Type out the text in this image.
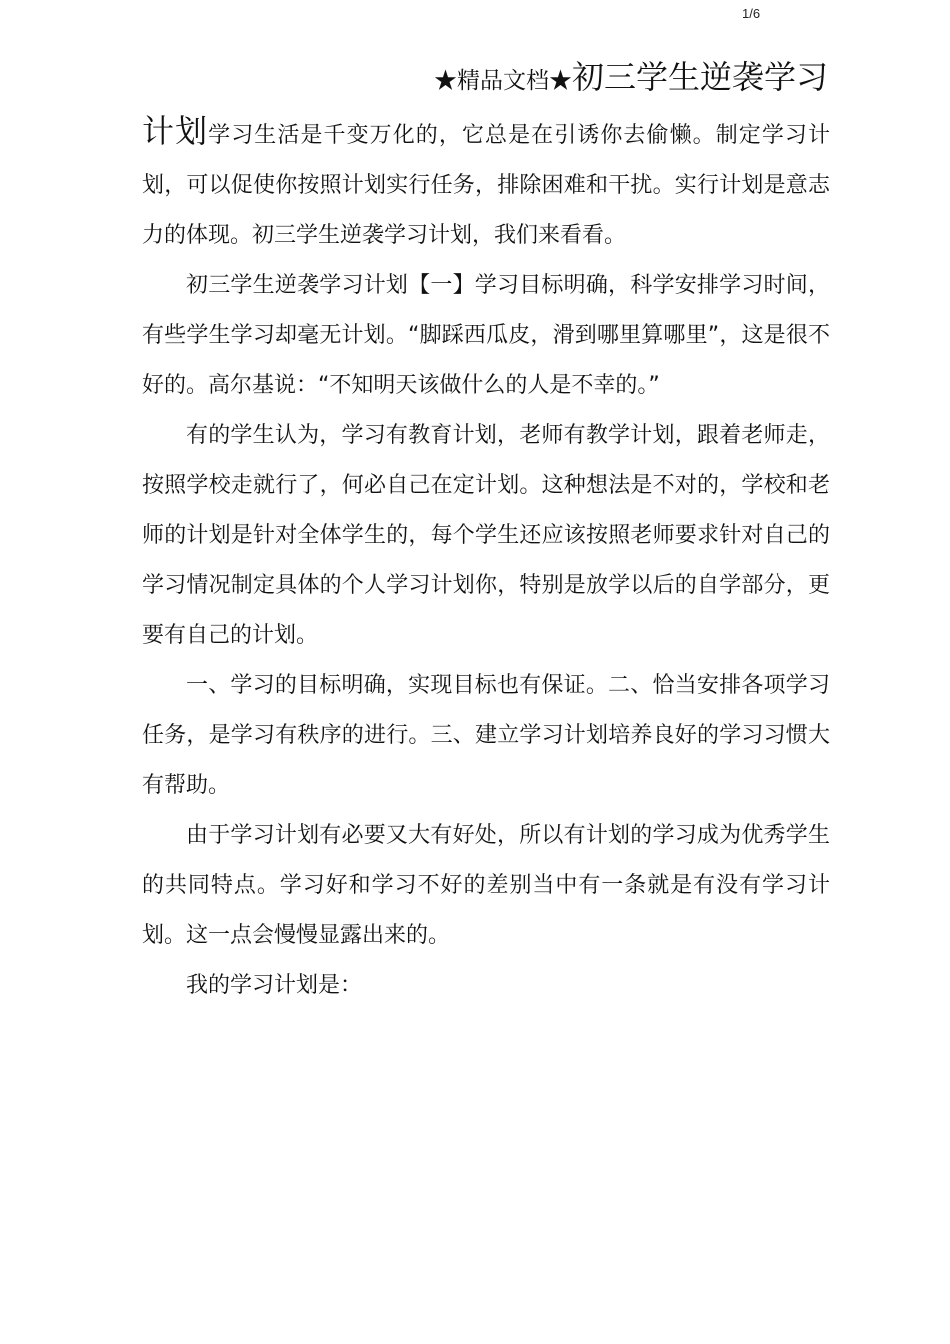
1/6
★精品文档★初三学生逆袭学习

计划学习生活是千变万化的，它总是在引诱你去偷懒。制定学习计划，可以促使你按照计划实行任务，排除困难和干扰。实行计划是意志力的体现。初三学生逆袭学习计划，我们来看看。

初三学生逆袭学习计划【一】学习目标明确，科学安排学习时间，有些学生学习却毫无计划。“脚踩西瓜皮，滑到哪里算哪里”，这是很不好的。高尔基说：“不知明天该做什么的人是不幸的。”

有的学生认为，学习有教育计划，老师有教学计划，跟着老师走，按照学校走就行了，何必自己在定计划。这种想法是不对的，学校和老师的计划是针对全体学生的，每个学生还应该按照老师要求针对自己的学习情况制定具体的个人学习计划你，特别是放学以后的自学部分，更要有自己的计划。

一、学习的目标明确，实现目标也有保证。二、恰当安排各项学习任务，是学习有秩序的进行。三、建立学习计划培养良好的学习习惯大有帮助。

由于学习计划有必要又大有好处，所以有计划的学习成为优秀学生的共同特点。学习好和学习不好的差别当中有一条就是有没有学习计划。这一点会慢慢显露出来的。

我的学习计划是：
